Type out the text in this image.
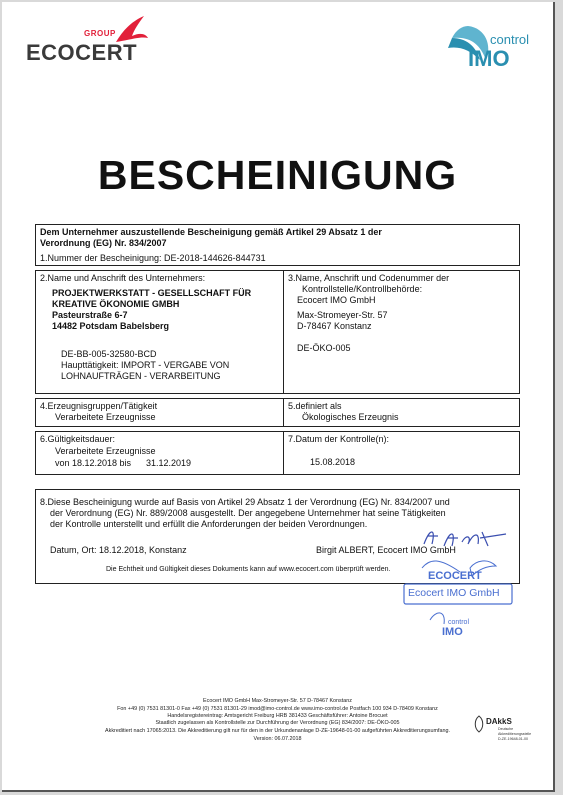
GROUP
ECOCERT
control
IMO
BESCHEINIGUNG
Dem Unternehmer auszustellende Bescheinigung gemäß Artikel 29 Absatz 1 der
Verordnung (EG) Nr. 834/2007
1.Nummer der Bescheinigung: DE-2018-144626-844731
2.Name und Anschrift des Unternehmers:
PROJEKTWERKSTATT - GESELLSCHAFT FÜR
KREATIVE ÖKONOMIE GMBH
Pasteurstraße 6-7
14482 Potsdam Babelsberg
DE-BB-005-32580-BCD
Haupttätigkeit: IMPORT - VERGABE VON
LOHNAUFTRÄGEN - VERARBEITUNG
3.Name, Anschrift und Codenummer der
Kontrollstelle/Kontrollbehörde:
Ecocert IMO GmbH
Max-Stromeyer-Str. 57
D-78467 Konstanz
DE-ÖKO-005
4.Erzeugnisgruppen/Tätigkeit
Verarbeitete Erzeugnisse
5.definiert als
Ökologisches Erzeugnis
6.Gültigkeitsdauer:
Verarbeitete Erzeugnisse
von 18.12.2018 bis 31.12.2019
7.Datum der Kontrolle(n):
15.08.2018
8.Diese Bescheinigung wurde auf Basis von Artikel 29 Absatz 1 der Verordnung (EG) Nr. 834/2007 und
der Verordnung (EG) Nr. 889/2008 ausgestellt. Der angegebene Unternehmer hat seine Tätigkeiten
der Kontrolle unterstellt und erfüllt die Anforderungen der beiden Verordnungen.
Datum, Ort: 18.12.2018, Konstanz	Birgit ALBERT, Ecocert IMO GmbH
Die Echtheit und Gültigkeit dieses Dokuments kann auf www.ecocert.com überprüft werden.
ECOCERT
Ecocert IMO GmbH
control
IMO
Ecocert IMO GmbH Max-Stromeyer-Str. 57 D-78467 Konstanz
Fon +49 (0) 7531 81301-0 Fax +49 (0) 7531 81301-29 imod@imo-control.de www.imo-control.de Postfach 100 934 D-78409 Konstanz
Handelsregistereintrag: Amtsgericht Freiburg HRB 381433 Geschäftsführer: Antoine Brocuet
Staatlich zugelassen als Kontrollstelle zur Durchführung der Verordnung (EG) 834/2007: DE-ÖKO-005
Akkreditiert nach 17065:2013. Die Akkreditierung gilt nur für den in der Urkundenanlage D-ZE-19648-01-00 aufgeführten Akkreditierungsumfang.
Version: 06.07.2018
DAkkS
Deutsche
Akkreditierungsstelle
D-ZE-19648-01-00
